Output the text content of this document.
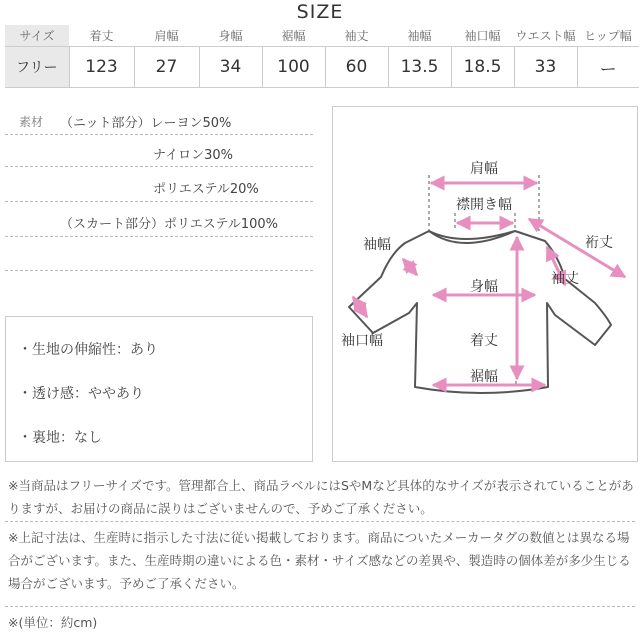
SIZE
サイズ	着丈	肩幅	身幅	裾幅	袖丈	袖幅	袖口幅	ウエスト幅	ヒップ幅
フリー	123	27	34	100	60	13.5	18.5	33	ー
素材 （ニット部分）レーヨン50%
ナイロン30%
ポリエステル20%
（スカート部分）ポリエステル100%
・生地の伸縮性：あり
・透け感：ややあり
・裏地：なし
肩幅
襟開き幅
袖幅	裄丈
袖丈
身幅
袖口幅	着丈
裾幅
※当商品はフリーサイズです。管理都合上、商品ラベルにはSやMなど具体的なサイズが表示されていることがありますが、お届けの商品に誤りはございませんので、予めご了承ください。
※上記寸法は、生産時に指示した寸法に従い掲載しております。商品についたメーカータグの数値とは異なる場合がございます。また、生産時期の違いによる色・素材・サイズ感などの差異や、製造時の個体差が多少生じる場合がございます。予めご了承ください。
※(単位：約cm)
